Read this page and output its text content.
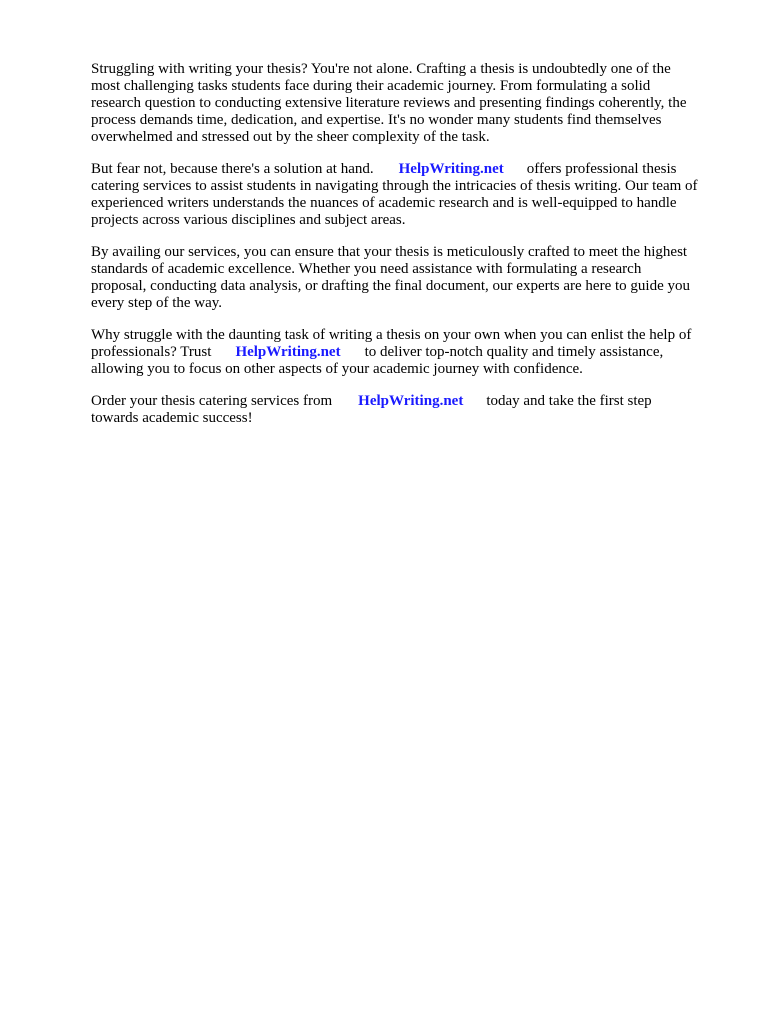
Struggling with writing your thesis? You're not alone. Crafting a thesis is undoubtedly one of the
most challenging tasks students face during their academic journey. From formulating a solid
research question to conducting extensive literature reviews and presenting findings coherently, the
process demands time, dedication, and expertise. It's no wonder many students find themselves
overwhelmed and stressed out by the sheer complexity of the task.
But fear not, because there's a solution at hand. HelpWriting.net offers professional thesis
catering services to assist students in navigating through the intricacies of thesis writing. Our team of
experienced writers understands the nuances of academic research and is well-equipped to handle
projects across various disciplines and subject areas.
By availing our services, you can ensure that your thesis is meticulously crafted to meet the highest
standards of academic excellence. Whether you need assistance with formulating a research
proposal, conducting data analysis, or drafting the final document, our experts are here to guide you
every step of the way.
Why struggle with the daunting task of writing a thesis on your own when you can enlist the help of
professionals? Trust HelpWriting.net to deliver top-notch quality and timely assistance,
allowing you to focus on other aspects of your academic journey with confidence.
Order your thesis catering services from HelpWriting.net today and take the first step
towards academic success!
